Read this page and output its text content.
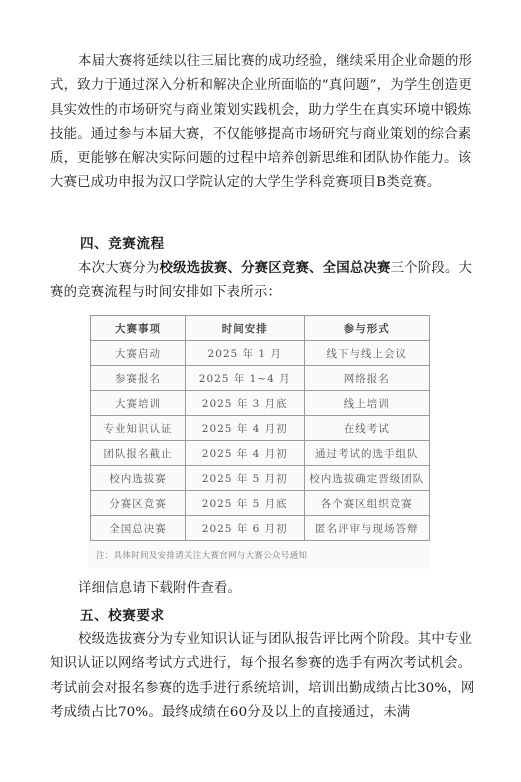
本届大赛将延续以往三届比赛的成功经验，继续采用企业命题的形式，致力于通过深入分析和解决企业所面临的“真问题”，为学生创造更具实效性的市场研究与商业策划实践机会，助力学生在真实环境中锻炼技能。通过参与本届大赛，不仅能够提高市场研究与商业策划的综合素质，更能够在解决实际问题的过程中培养创新思维和团队协作能力。该大赛已成功申报为汉口学院认定的大学生学科竞赛项目B类竞赛。
四、竞赛流程
本次大赛分为校级选拔赛、分赛区竞赛、全国总决赛三个阶段。大赛的竞赛流程与时间安排如下表所示：
大赛事项	时间安排	参与形式
大赛启动	2025 年 1 月	线下与线上会议
参赛报名	2025 年 1~4 月	网络报名
大赛培训	2025 年 3 月底	线上培训
专业知识认证	2025 年 4 月初	在线考试
团队报名截止	2025 年 4 月初	通过考试的选手组队
校内选拔赛	2025 年 5 月初	校内选拔确定晋级团队
分赛区竞赛	2025 年 5 月底	各个赛区组织竞赛
全国总决赛	2025 年 6 月初	匿名评审与现场答辩
注：具体时间及安排请关注大赛官网与大赛公众号通知
详细信息请下载附件查看。
五、校赛要求
校级选拔赛分为专业知识认证与团队报告评比两个阶段。其中专业知识认证以网络考试方式进行，每个报名参赛的选手有两次考试机会。考试前会对报名参赛的选手进行系统培训，培训出勤成绩占比30%，网考成绩占比70%。最终成绩在60分及以上的直接通过，未满
